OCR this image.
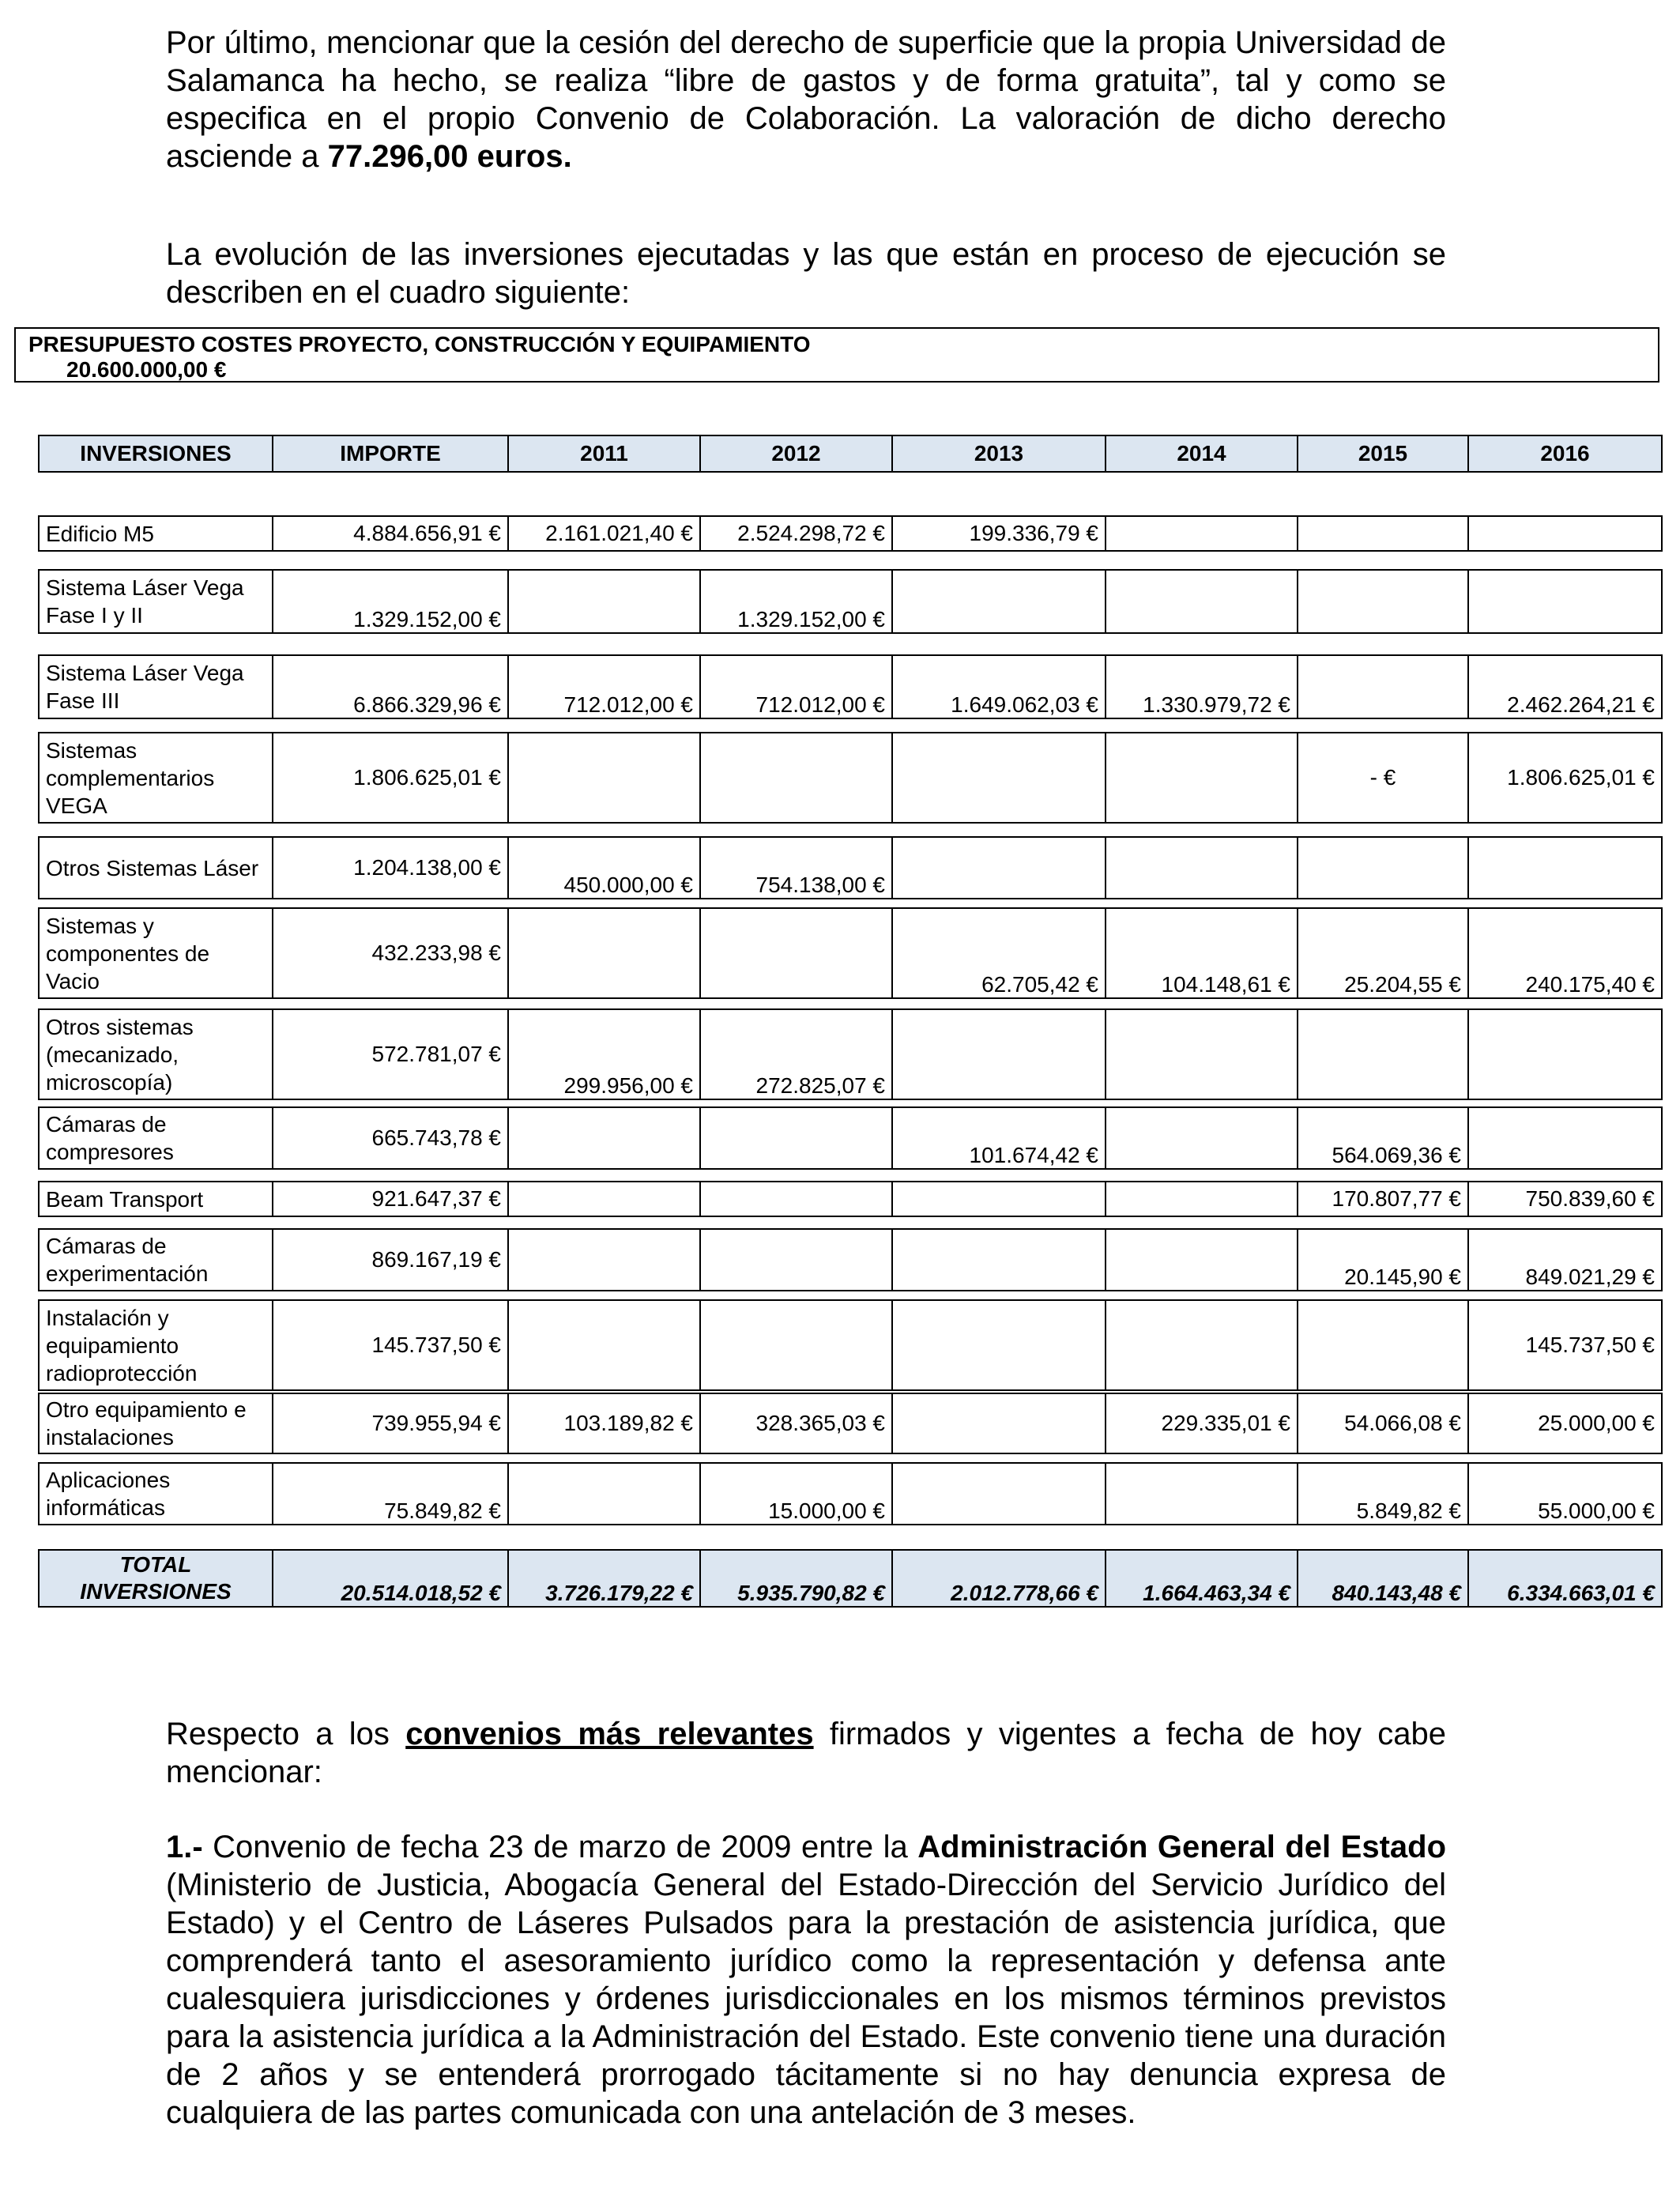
Por último, mencionar que la cesión del derecho de superficie que la propia Universidad de Salamanca ha hecho, se realiza “libre de gastos y de forma gratuita”, tal y como se especifica en el propio Convenio de Colaboración. La valoración de dicho derecho asciende a 77.296,00 euros.

La evolución de las inversiones ejecutadas y las que están en proceso de ejecución se describen en el cuadro siguiente:

PRESUPUESTO COSTES PROYECTO, CONSTRUCCIÓN Y EQUIPAMIENTO
20.600.000,00 €
INVERSIONES	IMPORTE	2011	2012	2013	2014	2015	2016
Edificio M5	4.884.656,91 €	2.161.021,40 €	2.524.298,72 €	199.336,79 €			
Sistema Láser Vega Fase I y II	1.329.152,00 €		1.329.152,00 €				
Sistema Láser Vega Fase III	6.866.329,96 €	712.012,00 €	712.012,00 €	1.649.062,03 €	1.330.979,72 €		2.462.264,21 €
Sistemas complementarios VEGA	1.806.625,01 €					- €	1.806.625,01 €
Otros Sistemas Láser	1.204.138,00 €	450.000,00 €	754.138,00 €				
Sistemas y componentes de Vacio	432.233,98 €			62.705,42 €	104.148,61 €	25.204,55 €	240.175,40 €
Otros sistemas (mecanizado, microscopía)	572.781,07 €	299.956,00 €	272.825,07 €				
Cámaras de compresores	665.743,78 €			101.674,42 €		564.069,36 €	
Beam Transport	921.647,37 €					170.807,77 €	750.839,60 €
Cámaras de experimentación	869.167,19 €					20.145,90 €	849.021,29 €
Instalación y equipamiento radioprotección	145.737,50 €						145.737,50 €
Otro equipamiento e instalaciones	739.955,94 €	103.189,82 €	328.365,03 €		229.335,01 €	54.066,08 €	25.000,00 €
Aplicaciones informáticas	75.849,82 €		15.000,00 €			5.849,82 €	55.000,00 €
TOTAL INVERSIONES	20.514.018,52 €	3.726.179,22 €	5.935.790,82 €	2.012.778,66 €	1.664.463,34 €	840.143,48 €	6.334.663,01 €

Respecto a los convenios más relevantes firmados y vigentes a fecha de hoy cabe mencionar:

1.- Convenio de fecha 23 de marzo de 2009 entre la Administración General del Estado (Ministerio de Justicia, Abogacía General del Estado-Dirección del Servicio Jurídico del Estado) y el Centro de Láseres Pulsados para la prestación de asistencia jurídica, que comprenderá tanto el asesoramiento jurídico como la representación y defensa ante cualesquiera jurisdicciones y órdenes jurisdiccionales en los mismos términos previstos para la asistencia jurídica a la Administración del Estado. Este convenio tiene una duración de 2 años y se entenderá prorrogado tácitamente si no hay denuncia expresa de cualquiera de las partes comunicada con una antelación de 3 meses.
